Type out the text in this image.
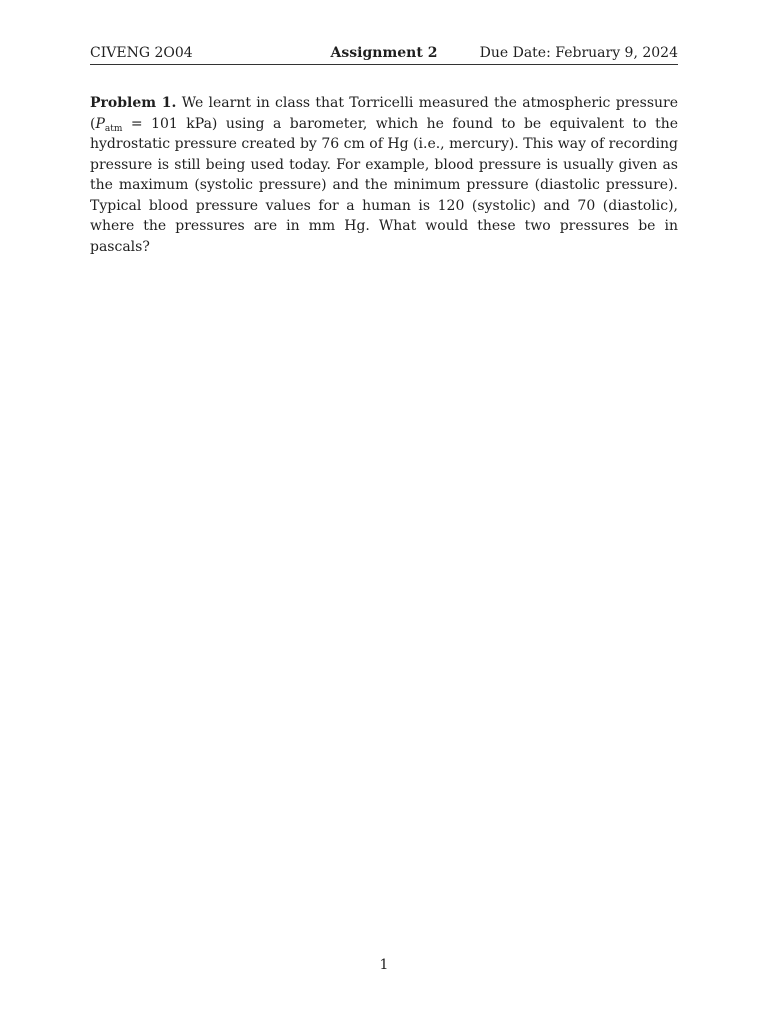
CIVENG 2O04	Assignment 2	Due Date: February 9, 2024

Problem 1. We learnt in class that Torricelli measured the atmospheric pressure ($P_{atm} = 101$ kPa) using a barometer, which he found to be equivalent to the hydrostatic pressure created by 76 cm of Hg (i.e., mercury). This way of recording pressure is still being used today. For example, blood pressure is usually given as the maximum (systolic pressure) and the minimum pressure (diastolic pressure). Typical blood pressure values for a human is 120 (systolic) and 70 (diastolic), where the pressures are in mm Hg. What would these two pressures be in pascals?

1
